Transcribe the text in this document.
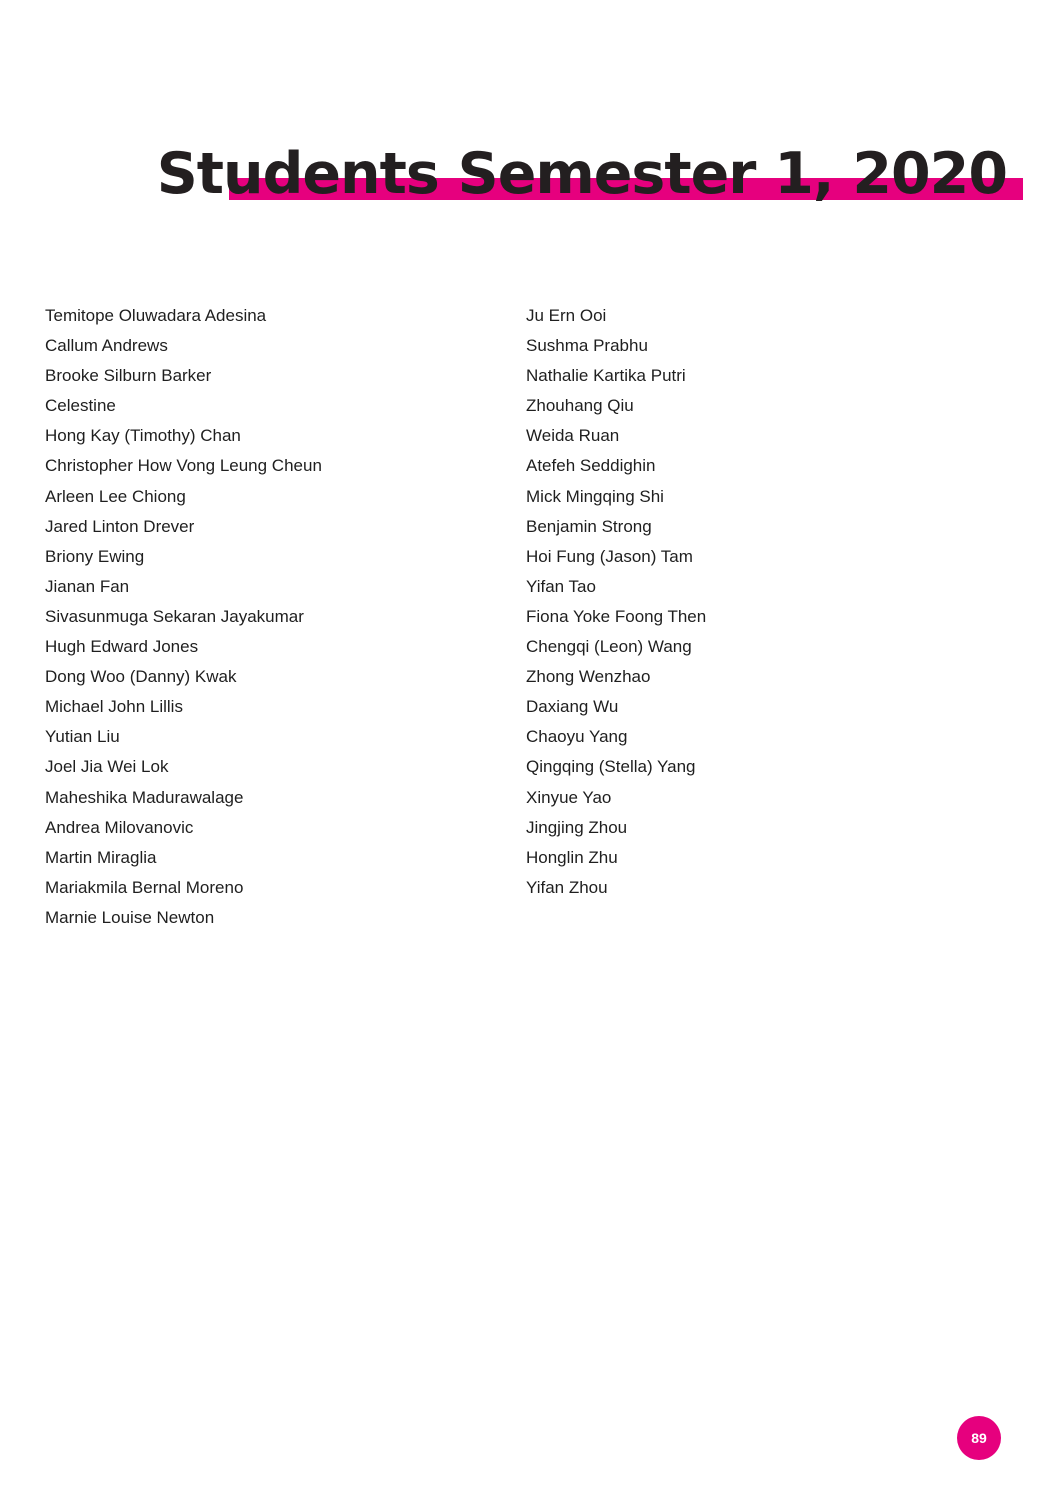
Students Semester 1, 2020
Temitope Oluwadara Adesina
Callum Andrews
Brooke Silburn Barker
Celestine
Hong Kay (Timothy) Chan
Christopher How Vong Leung Cheun
Arleen Lee Chiong
Jared Linton Drever
Briony Ewing
Jianan Fan
Sivasunmuga Sekaran Jayakumar
Hugh Edward Jones
Dong Woo (Danny) Kwak
Michael John Lillis
Yutian Liu
Joel Jia Wei Lok
Maheshika Madurawalage
Andrea Milovanovic
Martin Miraglia
Mariakmila Bernal Moreno
Marnie Louise Newton
Ju Ern Ooi
Sushma Prabhu
Nathalie Kartika Putri
Zhouhang Qiu
Weida Ruan
Atefeh Seddighin
Mick Mingqing Shi
Benjamin Strong
Hoi Fung (Jason) Tam
Yifan Tao
Fiona Yoke Foong Then
Chengqi (Leon) Wang
Zhong Wenzhao
Daxiang Wu
Chaoyu Yang
Qingqing (Stella) Yang
Xinyue Yao
Jingjing Zhou
Honglin Zhu
Yifan Zhou
89
